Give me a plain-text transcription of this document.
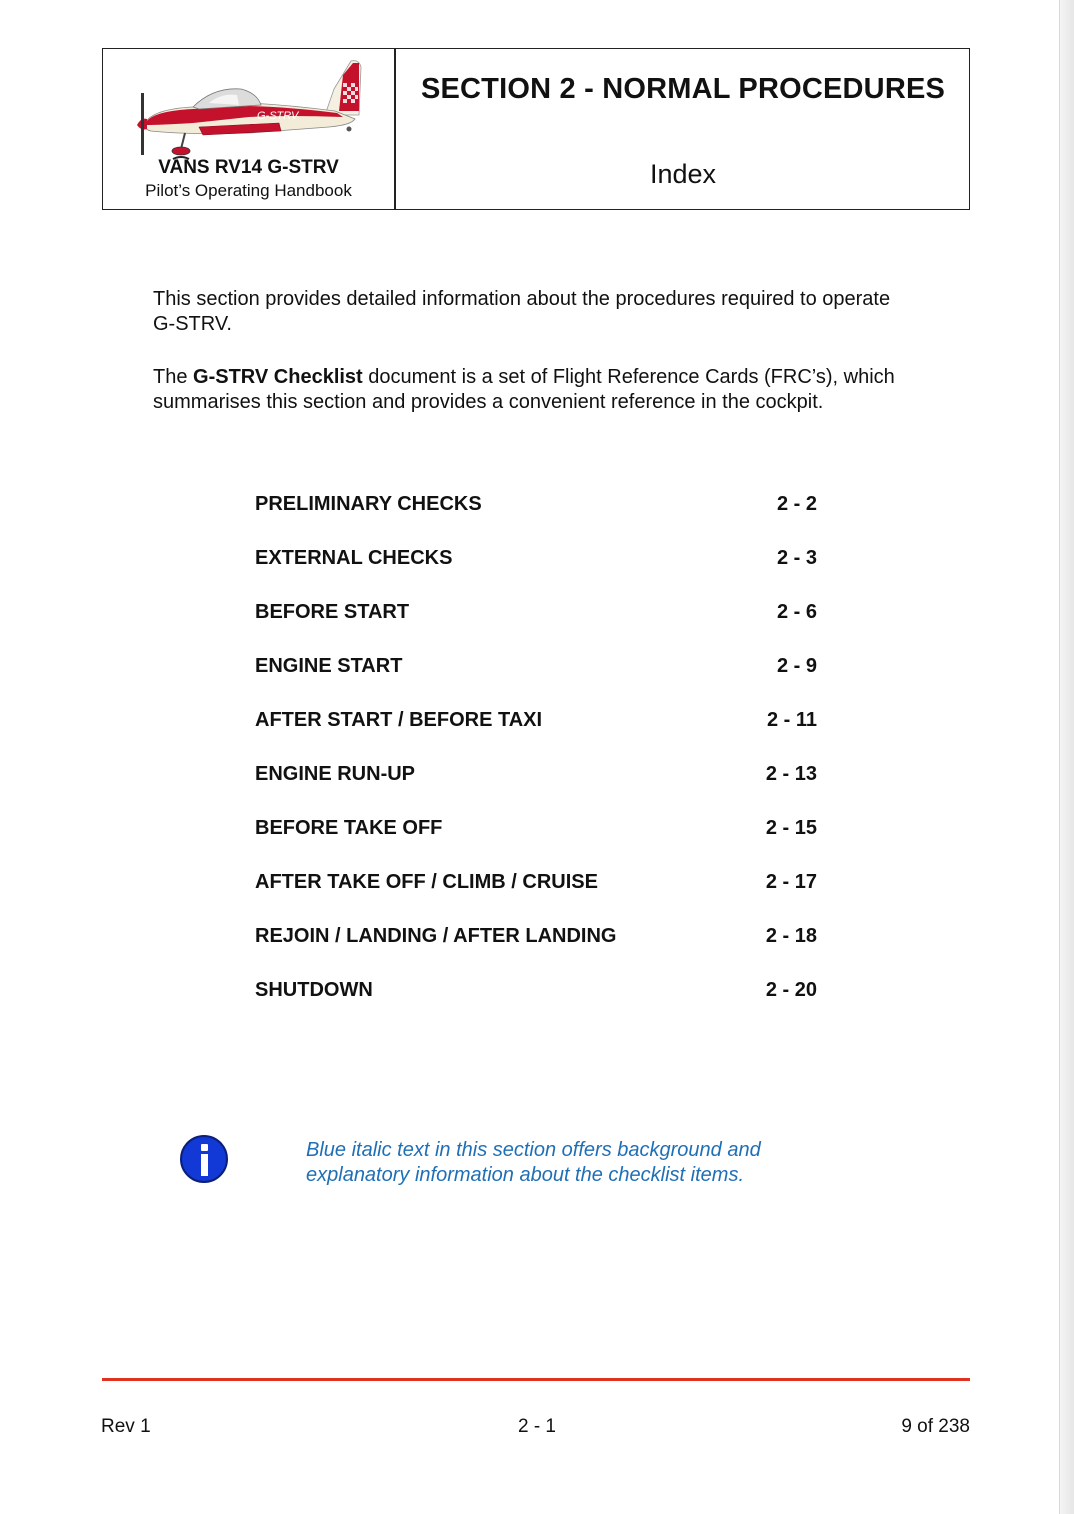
G-STRV
VANS RV14 G-STRV
Pilot’s Operating Handbook
SECTION 2 - NORMAL PROCEDURES
Index

This section provides detailed information about the procedures required to operate G-STRV.

The G-STRV Checklist document is a set of Flight Reference Cards (FRC’s), which summarises this section and provides a convenient reference in the cockpit.

PRELIMINARY CHECKS	2 - 2
EXTERNAL CHECKS	2 - 3
BEFORE START	2 - 6
ENGINE START	2 - 9
AFTER START / BEFORE TAXI	2 - 11
ENGINE RUN-UP	2 - 13
BEFORE TAKE OFF	2 - 15
AFTER TAKE OFF / CLIMB / CRUISE	2 - 17
REJOIN / LANDING / AFTER LANDING	2 - 18
SHUTDOWN	2 - 20
Blue italic text in this section offers background and explanatory information about the checklist items.
Rev 1	2 - 1	9 of 238
